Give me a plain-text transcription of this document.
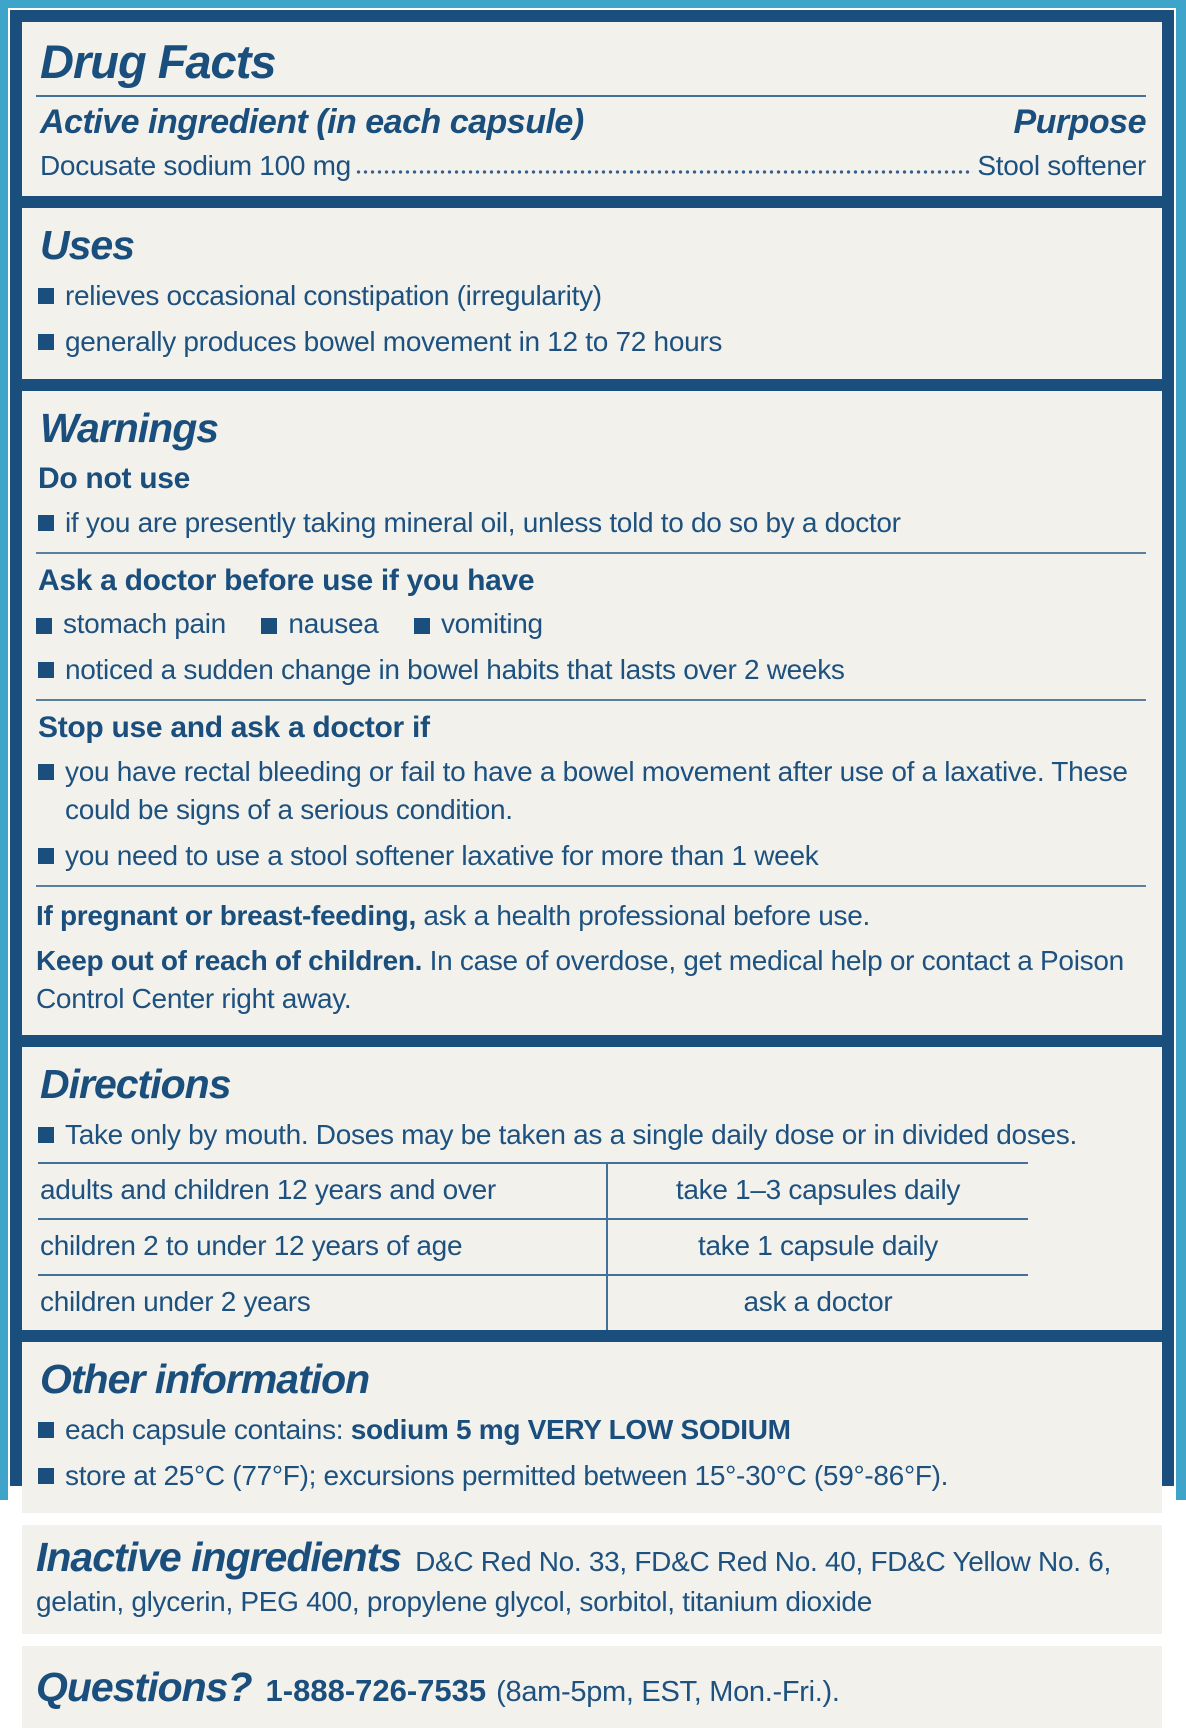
Drug Facts
Active ingredient (in each capsule)	Purpose
Docusate sodium 100 mg	Stool softener
Uses
relieves occasional constipation (irregularity)
generally produces bowel movement in 12 to 72 hours
Warnings
Do not use
if you are presently taking mineral oil, unless told to do so by a doctor
Ask a doctor before use if you have
stomach pain nausea vomiting
noticed a sudden change in bowel habits that lasts over 2 weeks
Stop use and ask a doctor if
you have rectal bleeding or fail to have a bowel movement after use of a laxative. These could be signs of a serious condition.
you need to use a stool softener laxative for more than 1 week
If pregnant or breast-feeding, ask a health professional before use.
Keep out of reach of children. In case of overdose, get medical help or contact a Poison Control Center right away.
Directions
Take only by mouth. Doses may be taken as a single daily dose or in divided doses.
adults and children 12 years and over	take 1–3 capsules daily
children 2 to under 12 years of age	take 1 capsule daily
children under 2 years	ask a doctor
Other information
each capsule contains: sodium 5 mg VERY LOW SODIUM
store at 25°C (77°F); excursions permitted between 15°-30°C (59°-86°F).
Inactive ingredients D&C Red No. 33, FD&C Red No. 40, FD&C Yellow No. 6, gelatin, glycerin, PEG 400, propylene glycol, sorbitol, titanium dioxide
Questions? 1-888-726-7535 (8am-5pm, EST, Mon.-Fri.).
